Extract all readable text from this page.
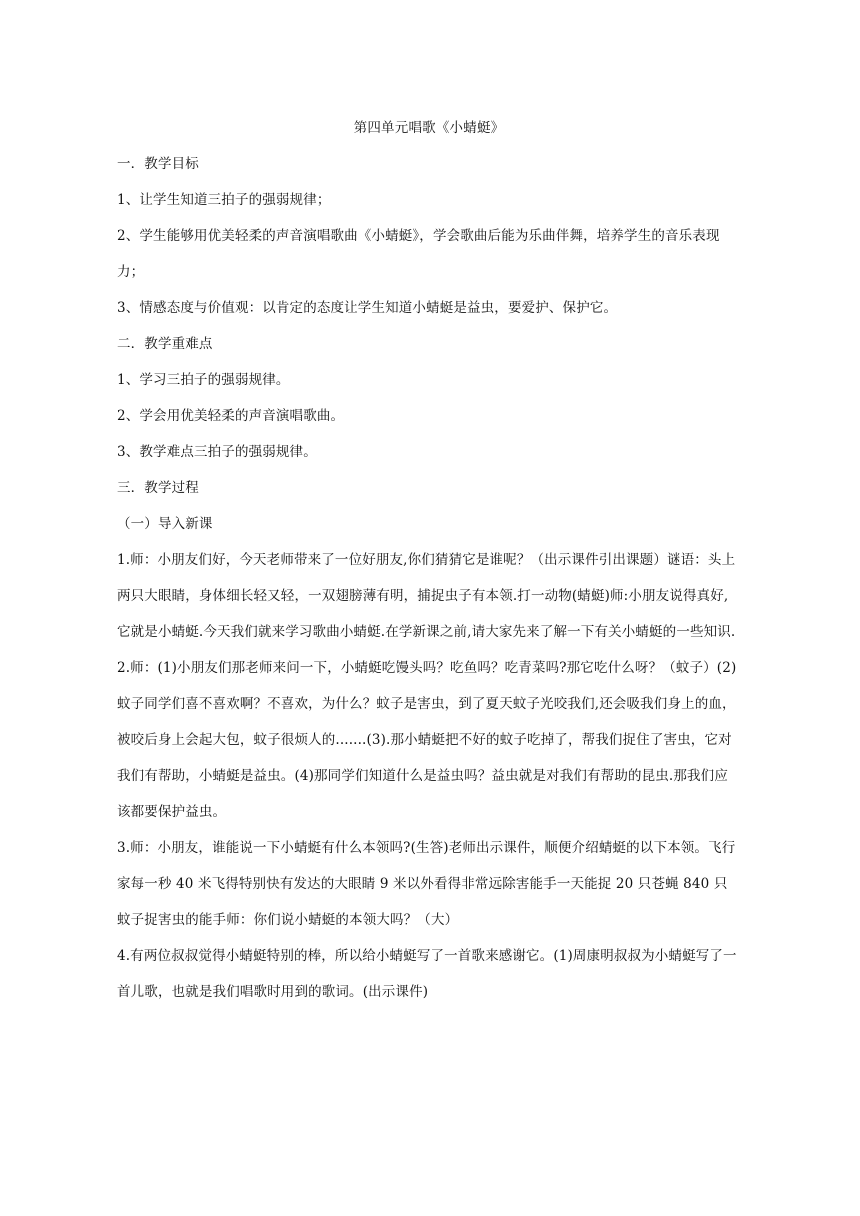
第四单元唱歌《小蜻蜓》
一．教学目标
1、让学生知道三拍子的强弱规律；
2、学生能够用优美轻柔的声音演唱歌曲《小蜻蜓》，学会歌曲后能为乐曲伴舞，培养学生的音乐表现力；
3、情感态度与价值观：以肯定的态度让学生知道小蜻蜓是益虫，要爱护、保护它。
二．教学重难点
1、学习三拍子的强弱规律。
2、学会用优美轻柔的声音演唱歌曲。
3、教学难点三拍子的强弱规律。
三．教学过程
（一）导入新课
1.师：小朋友们好，今天老师带来了一位好朋友,你们猜猜它是谁呢？（出示课件引出课题）谜语：头上两只大眼睛，身体细长轻又轻，一双翅膀薄有明，捕捉虫子有本领.打一动物(蜻蜓)师:小朋友说得真好,它就是小蜻蜓.今天我们就来学习歌曲小蜻蜓.在学新课之前,请大家先来了解一下有关小蜻蜓的一些知识.
2.师：(1)小朋友们那老师来问一下，小蜻蜓吃馒头吗？吃鱼吗？吃青菜吗?那它吃什么呀？（蚊子）(2)蚊子同学们喜不喜欢啊？不喜欢，为什么？蚊子是害虫，到了夏天蚊子光咬我们,还会吸我们身上的血，被咬后身上会起大包，蚊子很烦人的.......(3).那小蜻蜓把不好的蚊子吃掉了，帮我们捉住了害虫，它对我们有帮助，小蜻蜓是益虫。(4)那同学们知道什么是益虫吗？益虫就是对我们有帮助的昆虫.那我们应该都要保护益虫。
3.师：小朋友，谁能说一下小蜻蜓有什么本领吗?(生答)老师出示课件，顺便介绍蜻蜓的以下本领。飞行家每一秒 40 米飞得特别快有发达的大眼睛 9 米以外看得非常远除害能手一天能捉 20 只苍蝇 840 只蚊子捉害虫的能手师：你们说小蜻蜓的本领大吗？（大）
4.有两位叔叔觉得小蜻蜓特别的棒，所以给小蜻蜓写了一首歌来感谢它。(1)周康明叔叔为小蜻蜓写了一首儿歌，也就是我们唱歌时用到的歌词。(出示课件)
